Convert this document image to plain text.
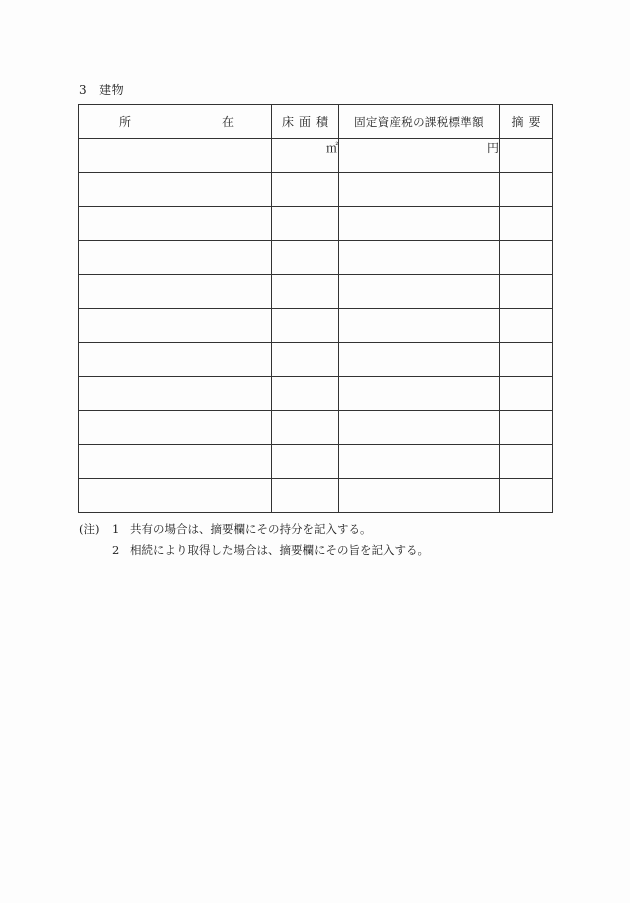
3 建物
所 在	床面積	固定資産税の課税標準額	摘要
	㎡	円	

(注)	1 共有の場合は、摘要欄にその持分を記入する。
2 相続により取得した場合は、摘要欄にその旨を記入する。
